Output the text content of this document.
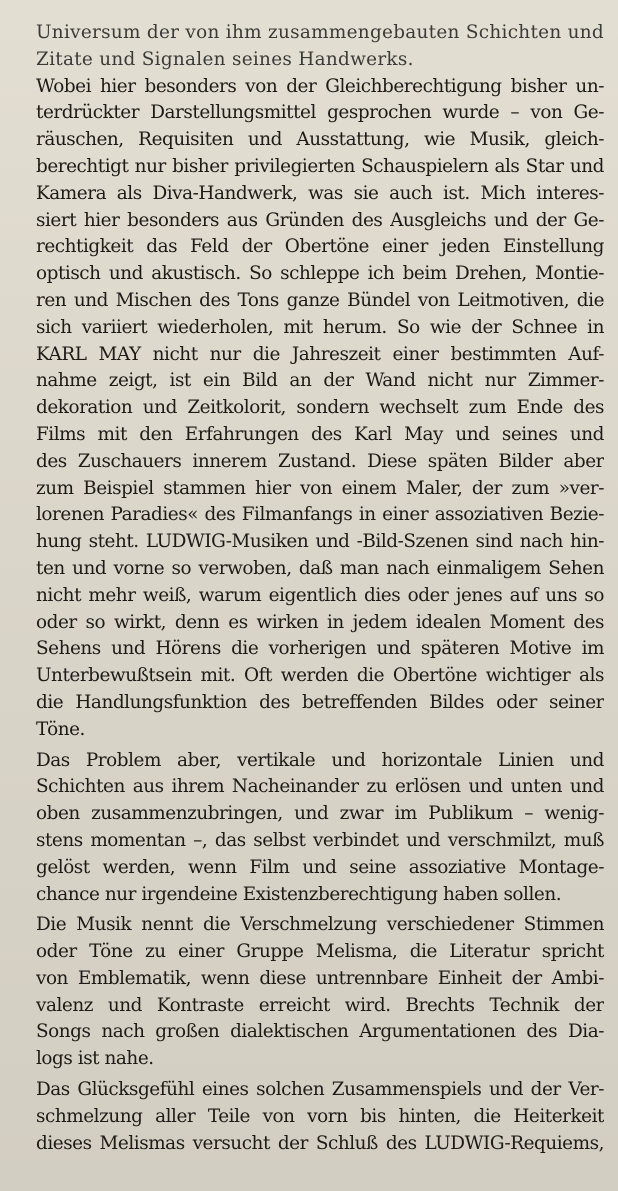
Universum der von ihm zusammengebauten Schichten und
Zitate und Signalen seines Handwerks.
Wobei hier besonders von der Gleichberechtigung bisher un-
terdrückter Darstellungsmittel gesprochen wurde – von Ge-
räuschen, Requisiten und Ausstattung, wie Musik, gleich-
berechtigt nur bisher privilegierten Schauspielern als Star und
Kamera als Diva-Handwerk, was sie auch ist. Mich interes-
siert hier besonders aus Gründen des Ausgleichs und der Ge-
rechtigkeit das Feld der Obertöne einer jeden Einstellung
optisch und akustisch. So schleppe ich beim Drehen, Montie-
ren und Mischen des Tons ganze Bündel von Leitmotiven, die
sich variiert wiederholen, mit herum. So wie der Schnee in
KARL MAY nicht nur die Jahreszeit einer bestimmten Auf-
nahme zeigt, ist ein Bild an der Wand nicht nur Zimmer-
dekoration und Zeitkolorit, sondern wechselt zum Ende des
Films mit den Erfahrungen des Karl May und seines und
des Zuschauers innerem Zustand. Diese späten Bilder aber
zum Beispiel stammen hier von einem Maler, der zum »ver-
lorenen Paradies« des Filmanfangs in einer assoziativen Bezie-
hung steht. LUDWIG-Musiken und -Bild-Szenen sind nach hin-
ten und vorne so verwoben, daß man nach einmaligem Sehen
nicht mehr weiß, warum eigentlich dies oder jenes auf uns so
oder so wirkt, denn es wirken in jedem idealen Moment des
Sehens und Hörens die vorherigen und späteren Motive im
Unterbewußtsein mit. Oft werden die Obertöne wichtiger als
die Handlungsfunktion des betreffenden Bildes oder seiner
Töne.
Das Problem aber, vertikale und horizontale Linien und
Schichten aus ihrem Nacheinander zu erlösen und unten und
oben zusammenzubringen, und zwar im Publikum – wenig-
stens momentan –, das selbst verbindet und verschmilzt, muß
gelöst werden, wenn Film und seine assoziative Montage-
chance nur irgendeine Existenzberechtigung haben sollen.
Die Musik nennt die Verschmelzung verschiedener Stimmen
oder Töne zu einer Gruppe Melisma, die Literatur spricht
von Emblematik, wenn diese untrennbare Einheit der Ambi-
valenz und Kontraste erreicht wird. Brechts Technik der
Songs nach großen dialektischen Argumentationen des Dia-
logs ist nahe.
Das Glücksgefühl eines solchen Zusammenspiels und der Ver-
schmelzung aller Teile von vorn bis hinten, die Heiterkeit
dieses Melismas versucht der Schluß des LUDWIG-Requiems,
